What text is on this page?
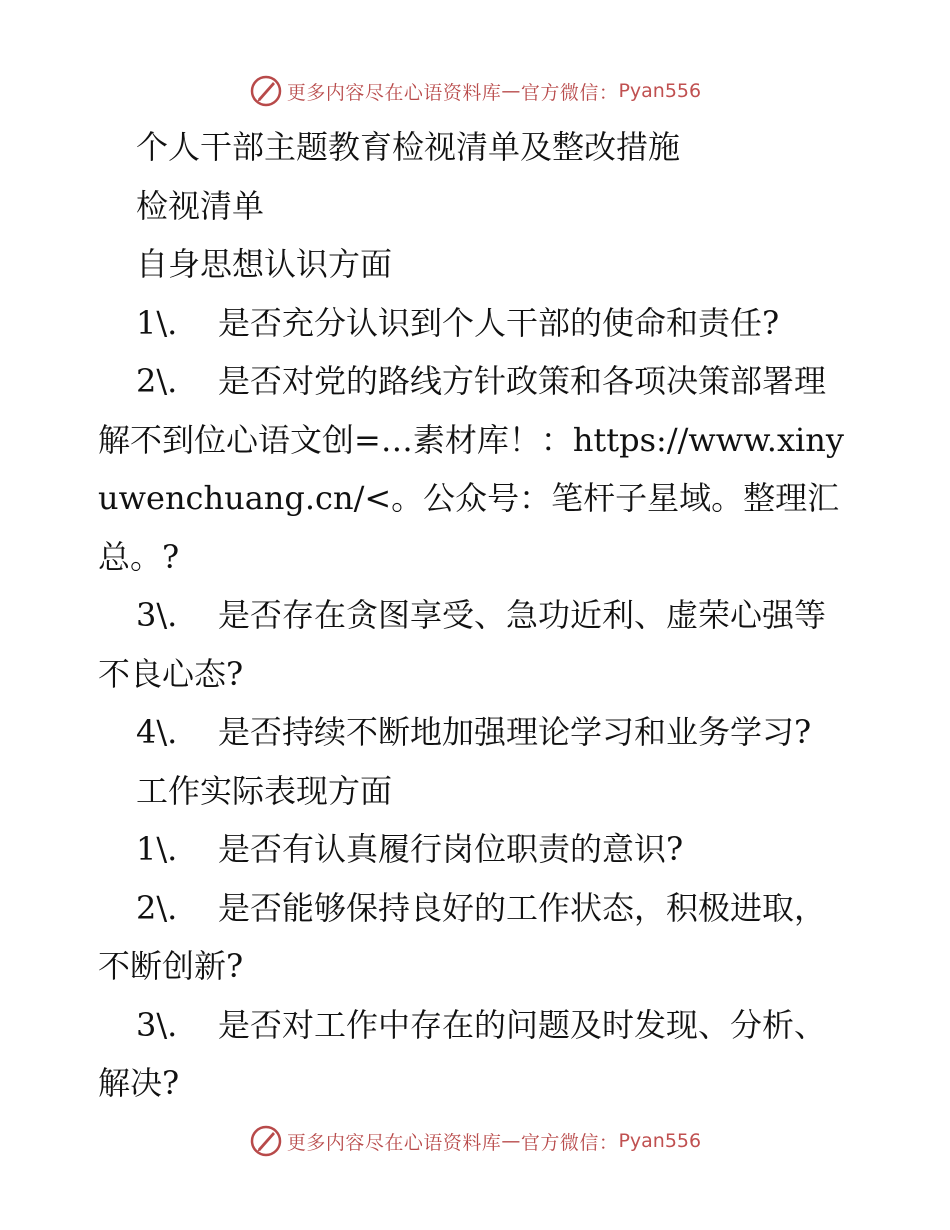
更多内容尽在心语资料库 — 官方微信： Pyan556

个人干部主题教育检视清单及整改措施

检视清单

自身思想认识方面

1\. 是否充分认识到个人干部的使命和责任?

2\. 是否对党的路线方针政策和各项决策部署理解不到位心语文创=…素材库！：https://www.xinyuwenchuang.cn/<。公众号：笔杆子星域。整理汇总。?

3\. 是否存在贪图享受、急功近利、虚荣心强等不良心态?

4\. 是否持续不断地加强理论学习和业务学习?

工作实际表现方面

1\. 是否有认真履行岗位职责的意识?

2\. 是否能够保持良好的工作状态，积极进取，不断创新?

3\. 是否对工作中存在的问题及时发现、分析、解决?

更多内容尽在心语资料库 — 官方微信： Pyan556
